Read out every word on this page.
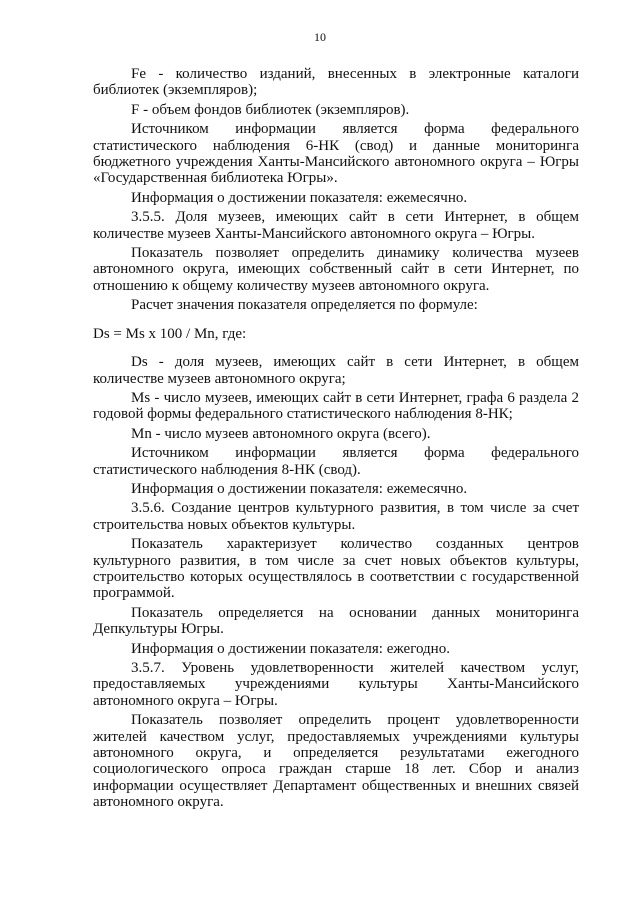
10

Fe - количество изданий, внесенных в электронные каталоги библиотек (экземпляров);

F - объем фондов библиотек (экземпляров).

Источником информации является форма федерального статистического наблюдения 6-НК (свод) и данные мониторинга бюджетного учреждения Ханты-Мансийского автономного округа – Югры «Государственная библиотека Югры».

Информация о достижении показателя: ежемесячно.

3.5.5. Доля музеев, имеющих сайт в сети Интернет, в общем количестве музеев Ханты-Мансийского автономного округа – Югры.

Показатель позволяет определить динамику количества музеев автономного округа, имеющих собственный сайт в сети Интернет, по отношению к общему количеству музеев автономного округа.

Расчет значения показателя определяется по формуле:

Ds = Ms x 100 / Mn, где:

Ds - доля музеев, имеющих сайт в сети Интернет, в общем количестве музеев автономного округа;

Ms - число музеев, имеющих сайт в сети Интернет, графа 6 раздела 2 годовой формы федерального статистического наблюдения 8-НК;

Mn - число музеев автономного округа (всего).

Источником информации является форма федерального статистического наблюдения 8-НК (свод).

Информация о достижении показателя: ежемесячно.

3.5.6. Создание центров культурного развития, в том числе за счет строительства новых объектов культуры.

Показатель характеризует количество созданных центров культурного развития, в том числе за счет новых объектов культуры, строительство которых осуществлялось в соответствии с государственной программой.

Показатель определяется на основании данных мониторинга Депкультуры Югры.

Информация о достижении показателя: ежегодно.

3.5.7. Уровень удовлетворенности жителей качеством услуг, предоставляемых учреждениями культуры Ханты-Мансийского автономного округа – Югры.

Показатель позволяет определить процент удовлетворенности жителей качеством услуг, предоставляемых учреждениями культуры автономного округа, и определяется результатами ежегодного социологического опроса граждан старше 18 лет. Сбор и анализ информации осуществляет Департамент общественных и внешних связей автономного округа.
